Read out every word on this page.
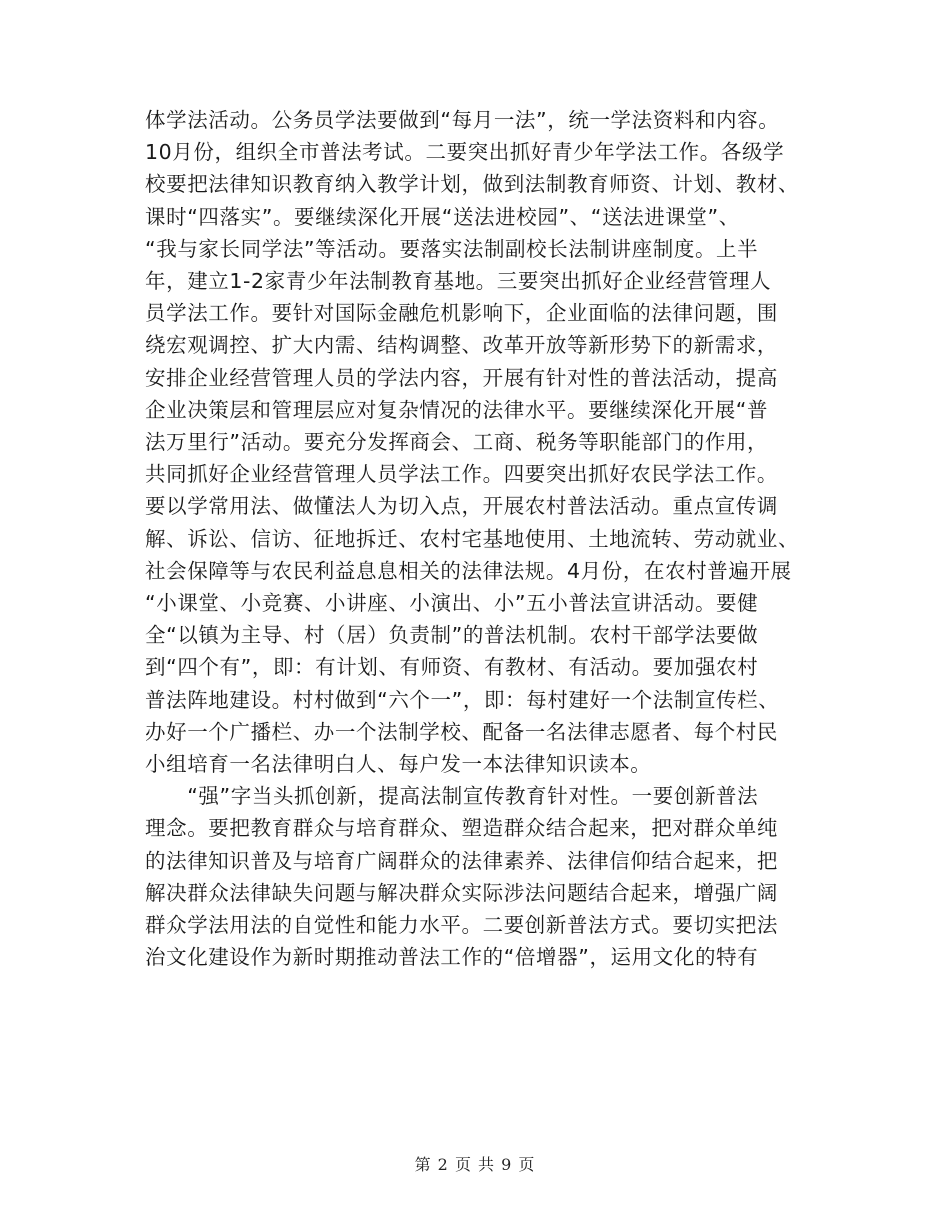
体学法活动。公务员学法要做到“每月一法”，统一学法资料和内容。
10月份，组织全市普法考试。二要突出抓好青少年学法工作。各级学
校要把法律知识教育纳入教学计划，做到法制教育师资、计划、教材、
课时“四落实”。要继续深化开展“送法进校园”、“送法进课堂”、
“我与家长同学法”等活动。要落实法制副校长法制讲座制度。上半
年，建立1-2家青少年法制教育基地。三要突出抓好企业经营管理人
员学法工作。要针对国际金融危机影响下，企业面临的法律问题，围
绕宏观调控、扩大内需、结构调整、改革开放等新形势下的新需求，
安排企业经营管理人员的学法内容，开展有针对性的普法活动，提高
企业决策层和管理层应对复杂情况的法律水平。要继续深化开展“普
法万里行”活动。要充分发挥商会、工商、税务等职能部门的作用，
共同抓好企业经营管理人员学法工作。四要突出抓好农民学法工作。
要以学常用法、做懂法人为切入点，开展农村普法活动。重点宣传调
解、诉讼、信访、征地拆迁、农村宅基地使用、土地流转、劳动就业、
社会保障等与农民利益息息相关的法律法规。4月份，在农村普遍开展
“小课堂、小竞赛、小讲座、小演出、小”五小普法宣讲活动。要健
全“以镇为主导、村（居）负责制”的普法机制。农村干部学法要做
到“四个有”，即：有计划、有师资、有教材、有活动。要加强农村
普法阵地建设。村村做到“六个一”，即：每村建好一个法制宣传栏、
办好一个广播栏、办一个法制学校、配备一名法律志愿者、每个村民
小组培育一名法律明白人、每户发一本法律知识读本。
　　“强”字当头抓创新，提高法制宣传教育针对性。一要创新普法
理念。要把教育群众与培育群众、塑造群众结合起来，把对群众单纯
的法律知识普及与培育广阔群众的法律素养、法律信仰结合起来，把
解决群众法律缺失问题与解决群众实际涉法问题结合起来，增强广阔
群众学法用法的自觉性和能力水平。二要创新普法方式。要切实把法
治文化建设作为新时期推动普法工作的“倍增器”，运用文化的特有
第 2 页 共 9 页
